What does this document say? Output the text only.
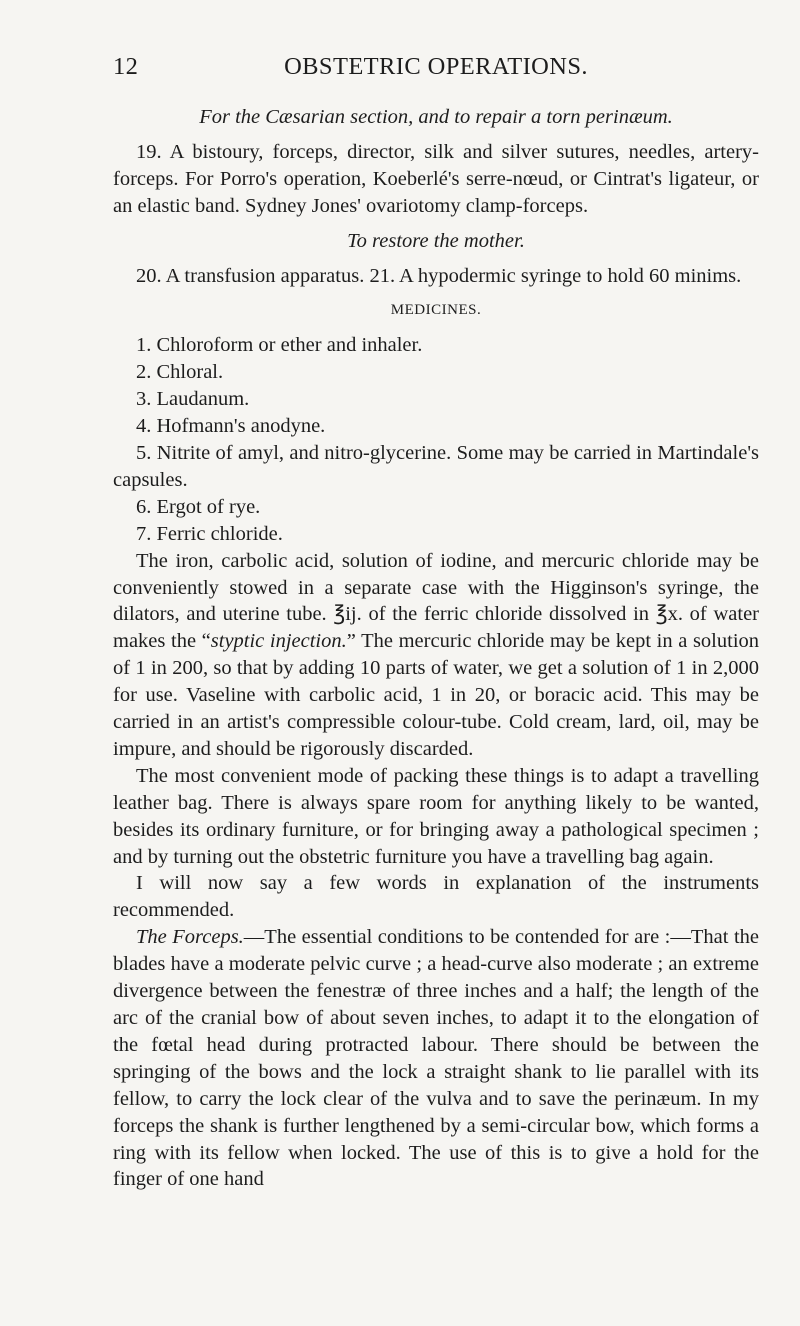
12	OBSTETRIC OPERATIONS.

For the Cæsarian section, and to repair a torn perinæum.

19. A bistoury, forceps, director, silk and silver sutures, needles, artery-forceps. For Porro's operation, Koeberlé's serre-nœud, or Cintrat's ligateur, or an elastic band. Sydney Jones' ovariotomy clamp-forceps.

To restore the mother.

20. A transfusion apparatus. 21. A hypodermic syringe to hold 60 minims.

MEDICINES.

1. Chloroform or ether and inhaler.

2. Chloral.

3. Laudanum.

4. Hofmann's anodyne.

5. Nitrite of amyl, and nitro-glycerine. Some may be carried in Martindale's capsules.

6. Ergot of rye.

7. Ferric chloride.

The iron, carbolic acid, solution of iodine, and mercuric chloride may be conveniently stowed in a separate case with the Higginson's syringe, the dilators, and uterine tube. ℥ij. of the ferric chloride dissolved in ℥x. of water makes the “styptic injection.” The mercuric chloride may be kept in a solution of 1 in 200, so that by adding 10 parts of water, we get a solution of 1 in 2,000 for use. Vaseline with carbolic acid, 1 in 20, or boracic acid. This may be carried in an artist's compressible colour-tube. Cold cream, lard, oil, may be impure, and should be rigorously discarded.

The most convenient mode of packing these things is to adapt a travelling leather bag. There is always spare room for anything likely to be wanted, besides its ordinary furniture, or for bringing away a pathological specimen ; and by turning out the obstetric furniture you have a travelling bag again.

I will now say a few words in explanation of the instruments recommended.

The Forceps.—The essential conditions to be contended for are :—That the blades have a moderate pelvic curve ; a head-curve also moderate ; an extreme divergence between the fenestræ of three inches and a half; the length of the arc of the cranial bow of about seven inches, to adapt it to the elongation of the fœtal head during protracted labour. There should be between the springing of the bows and the lock a straight shank to lie parallel with its fellow, to carry the lock clear of the vulva and to save the perinæum. In my forceps the shank is further lengthened by a semi-circular bow, which forms a ring with its fellow when locked. The use of this is to give a hold for the finger of one hand
